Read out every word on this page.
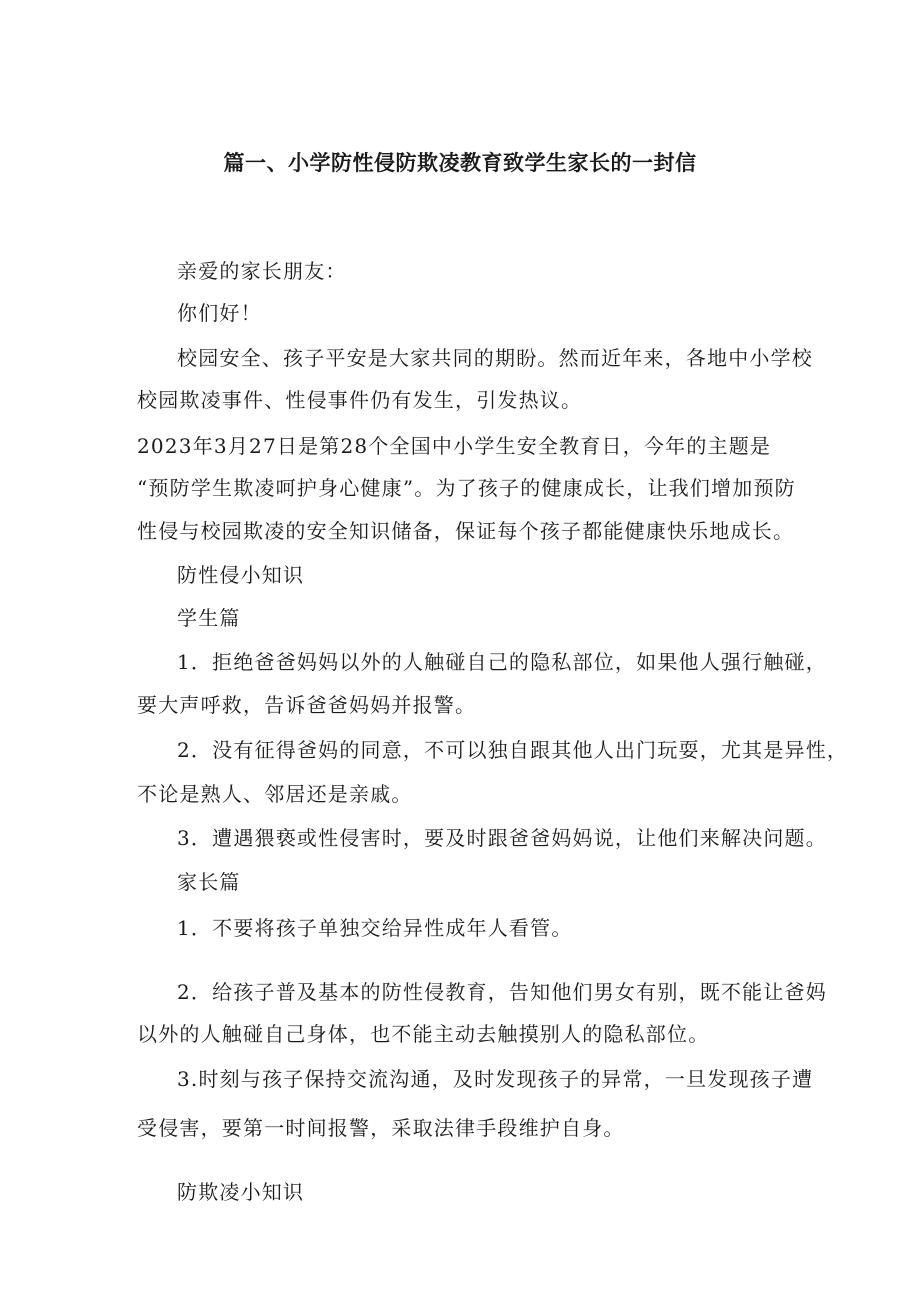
篇一、小学防性侵防欺凌教育致学生家长的一封信
亲爱的家长朋友：
你们好！
校园安全、孩子平安是大家共同的期盼。然而近年来，各地中小学校
校园欺凌事件、性侵事件仍有发生，引发热议。
2023年3月27日是第28个全国中小学生安全教育日，今年的主题是
“预防学生欺凌呵护身心健康”。为了孩子的健康成长，让我们增加预防
性侵与校园欺凌的安全知识储备，保证每个孩子都能健康快乐地成长。
防性侵小知识
学生篇
1．拒绝爸爸妈妈以外的人触碰自己的隐私部位，如果他人强行触碰，
要大声呼救，告诉爸爸妈妈并报警。
2．没有征得爸妈的同意，不可以独自跟其他人出门玩耍，尤其是异性，
不论是熟人、邻居还是亲戚。
3．遭遇猥亵或性侵害时，要及时跟爸爸妈妈说，让他们来解决问题。
家长篇
1．不要将孩子单独交给异性成年人看管。
2．给孩子普及基本的防性侵教育，告知他们男女有别，既不能让爸妈
以外的人触碰自己身体，也不能主动去触摸别人的隐私部位。
3.时刻与孩子保持交流沟通，及时发现孩子的异常，一旦发现孩子遭
受侵害，要第一时间报警，采取法律手段维护自身。
防欺凌小知识
